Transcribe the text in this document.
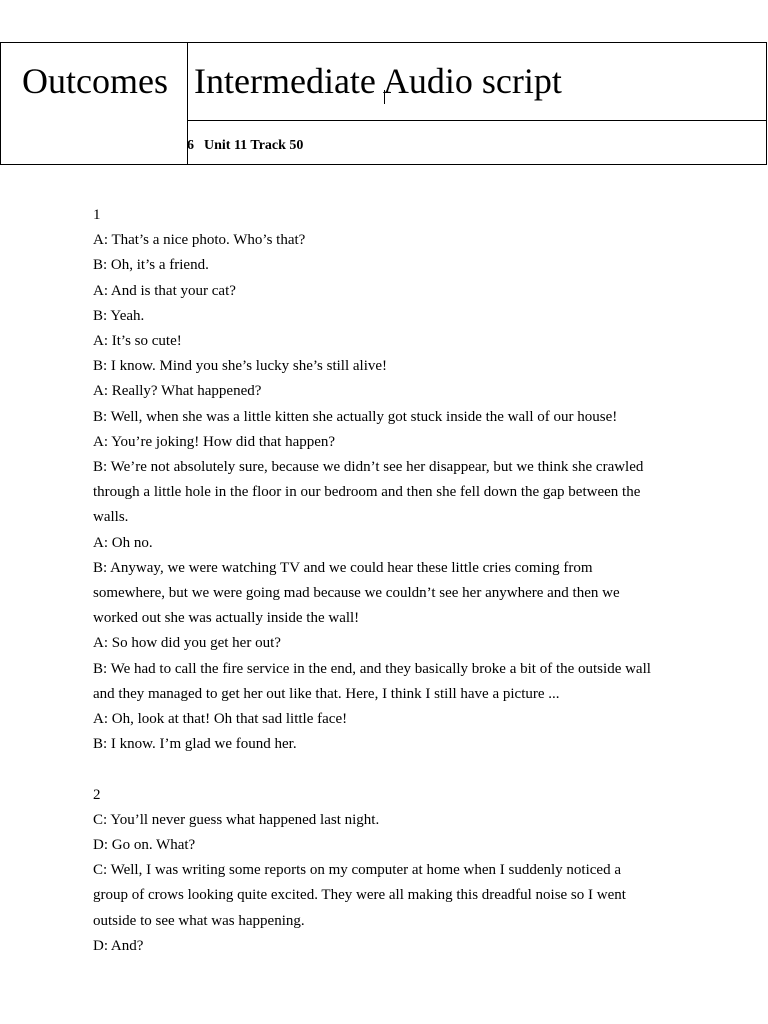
Outcomes Intermediate Audio script
6 Unit 11 Track 50
1
A: That’s a nice photo. Who’s that?
B: Oh, it’s a friend.
A: And is that your cat?
B: Yeah.
A: It’s so cute!
B: I know. Mind you she’s lucky she’s still alive!
A: Really? What happened?
B: Well, when she was a little kitten she actually got stuck inside the wall of our house!
A: You’re joking! How did that happen?
B: We’re not absolutely sure, because we didn’t see her disappear, but we think she crawled
through a little hole in the floor in our bedroom and then she fell down the gap between the
walls.
A: Oh no.
B: Anyway, we were watching TV and we could hear these little cries coming from
somewhere, but we were going mad because we couldn’t see her anywhere and then we
worked out she was actually inside the wall!
A: So how did you get her out?
B: We had to call the fire service in the end, and they basically broke a bit of the outside wall
and they managed to get her out like that. Here, I think I still have a picture ...
A: Oh, look at that! Oh that sad little face!
B: I know. I’m glad we found her.
2
C: You’ll never guess what happened last night.
D: Go on. What?
C: Well, I was writing some reports on my computer at home when I suddenly noticed a
group of crows looking quite excited. They were all making this dreadful noise so I went
outside to see what was happening.
D: And?
